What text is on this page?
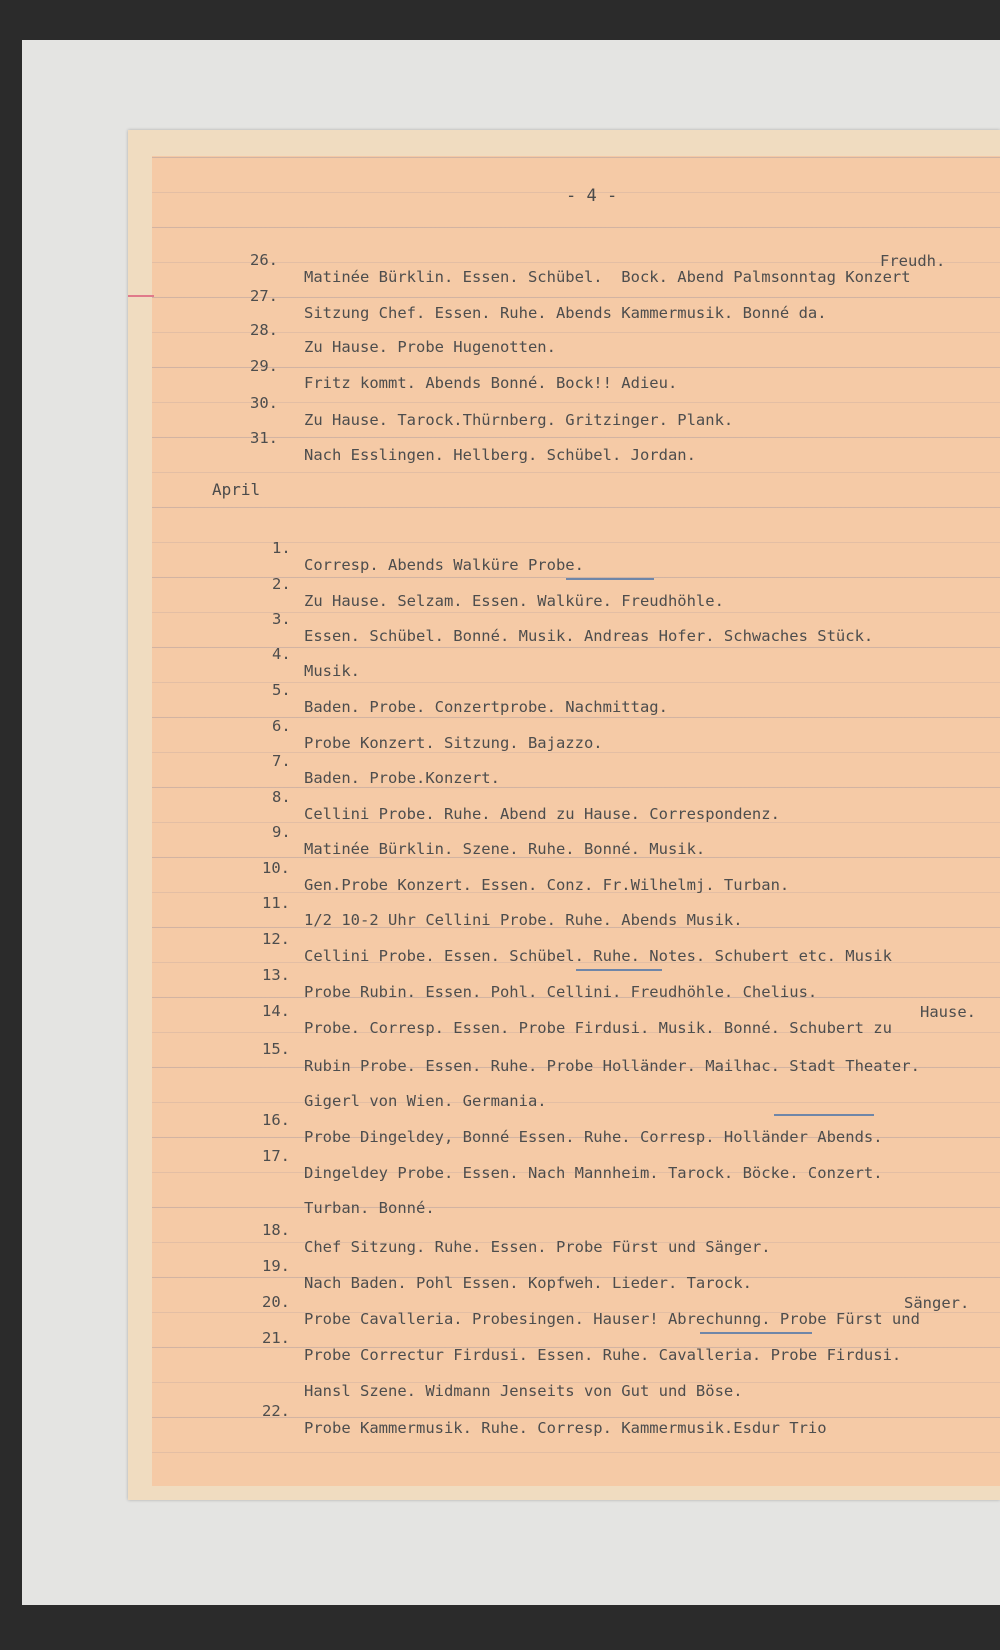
- 4 -
April

26.

Matinée Bürklin. Essen. Schübel.  Bock. Abend Palmsonntag Konzert

Freudh.

27.

Sitzung Chef. Essen. Ruhe. Abends Kammermusik. Bonné da.

28.

Zu Hause. Probe Hugenotten.

29.

Fritz kommt. Abends Bonné. Bock!! Adieu.

30.

Zu Hause. Tarock.Thürnberg. Gritzinger. Plank.

31.

Nach Esslingen. Hellberg. Schübel. Jordan.

1.

Corresp. Abends Walküre Probe.

2.

Zu Hause. Selzam. Essen. Walküre. Freudhöhle.

3.

Essen. Schübel. Bonné. Musik. Andreas Hofer. Schwaches Stück.

4.

Musik.

5.

Baden. Probe. Conzertprobe. Nachmittag.

6.

Probe Konzert. Sitzung. Bajazzo.

7.

Baden. Probe.Konzert.

8.

Cellini Probe. Ruhe. Abend zu Hause. Correspondenz.

9.

Matinée Bürklin. Szene. Ruhe. Bonné. Musik.

10.

Gen.Probe Konzert. Essen. Conz. Fr.Wilhelmj. Turban.

11.

1/2 10-2 Uhr Cellini Probe. Ruhe. Abends Musik.

12.

Cellini Probe. Essen. Schübel. Ruhe. Notes. Schubert etc. Musik

13.

Probe Rubin. Essen. Pohl. Cellini. Freudhöhle. Chelius.

14.

Probe. Corresp. Essen. Probe Firdusi. Musik. Bonné. Schubert zu

Hause.

15.

Rubin Probe. Essen. Ruhe. Probe Holländer. Mailhac. Stadt Theater.

Gigerl von Wien. Germania.

16.

Probe Dingeldey, Bonné Essen. Ruhe. Corresp. Holländer Abends.

17.

Dingeldey Probe. Essen. Nach Mannheim. Tarock. Böcke. Conzert.

Turban. Bonné.

18.

Chef Sitzung. Ruhe. Essen. Probe Fürst und Sänger.

19.

Nach Baden. Pohl Essen. Kopfweh. Lieder. Tarock.

20.

Probe Cavalleria. Probesingen. Hauser! Abrechunng. Probe Fürst und

Sänger.

21.

Probe Correctur Firdusi. Essen. Ruhe. Cavalleria. Probe Firdusi.

Hansl Szene. Widmann Jenseits von Gut und Böse.

22.

Probe Kammermusik. Ruhe. Corresp. Kammermusik.Esdur Trio
